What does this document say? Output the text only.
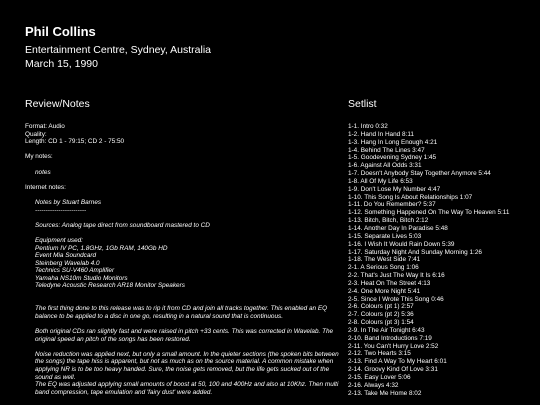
Phil Collins
Entertainment Centre, Sydney, Australia
March 15, 1990
Review/Notes	Setlist
Format: Audio
Quality:
Length: CD 1 - 79:15; CD 2 - 75:50
My notes:
notes
Internet notes:
Notes by Stuart Barnes
------------------------
Sources: Analog tape direct from soundboard mastered to CD
Equipment used:
Pentium IV PC, 1.8GHz, 1Gb RAM, 140Gb HD
Event Mia Soundcard
Steinberg Wavelab 4.0
Technics SU-V460 Amplifier
Yamaha NS10m Studio Monitors
Teledyne Acoustic Research AR18 Monitor Speakers
The first thing done to this release was to rip it from CD and join all tracks together. This enabled an EQ balance to be applied to a disc in one go, resulting in a natural sound that is continuous.
Both original CDs ran slightly fast and were raised in pitch +33 cents. This was corrected in Wavelab. The original speed an pitch of the songs has been restored.
Noise reduction was applied next, but only a small amount. In the quieter sections (the spoken bits between the songs) the tape hiss is apparent, but not as much as on the source material. A common mistake when applying NR is to be too heavy handed. Sure, the noise gets removed, but the life gets sucked out of the sound as well.
The EQ was adjusted applying small amounts of boost at 50, 100 and 400Hz and also at 10Khz. Then multi band compression, tape emulation and 'fairy dust' were added.
1-1. Intro 0:32
1-2. Hand In Hand 8:11
1-3. Hang In Long Enough 4:21
1-4. Behind The Lines 3:47
1-5. Goodevening Sydney 1:45
1-6. Against All Odds 3:31
1-7. Doesn't Anybody Stay Together Anymore 5:44
1-8. All Of My Life 6:53
1-9. Don't Lose My Number 4:47
1-10. This Song Is About Relationships 1:07
1-11. Do You Remember? 5:37
1-12. Something Happened On The Way To Heaven 5:11
1-13. Bitch, Bitch, Bitch 2:12
1-14. Another Day In Paradise 5:48
1-15. Separate Lives 5:03
1-16. I Wish It Would Rain Down 5:39
1-17. Saturday Night And Sunday Morning 1:26
1-18. The West Side 7:41
2-1. A Serious Song 1:06
2-2. That's Just The Way It Is 6:16
2-3. Heat On The Street 4:13
2-4. One More Night 5:41
2-5. Since I Wrote This Song 0:46
2-6. Colours (pt 1) 2:57
2-7. Colours (pt 2) 5:36
2-8. Colours (pt 3) 1:54
2-9. In The Air Tonight 6:43
2-10. Band Introductions 7:19
2-11. You Can't Hurry Love 2:52
2-12. Two Hearts 3:15
2-13. Find A Way To My Heart 6:01
2-14. Groovy Kind Of Love 3:31
2-15. Easy Lover 5:06
2-16. Always 4:32
2-13. Take Me Home 8:02
